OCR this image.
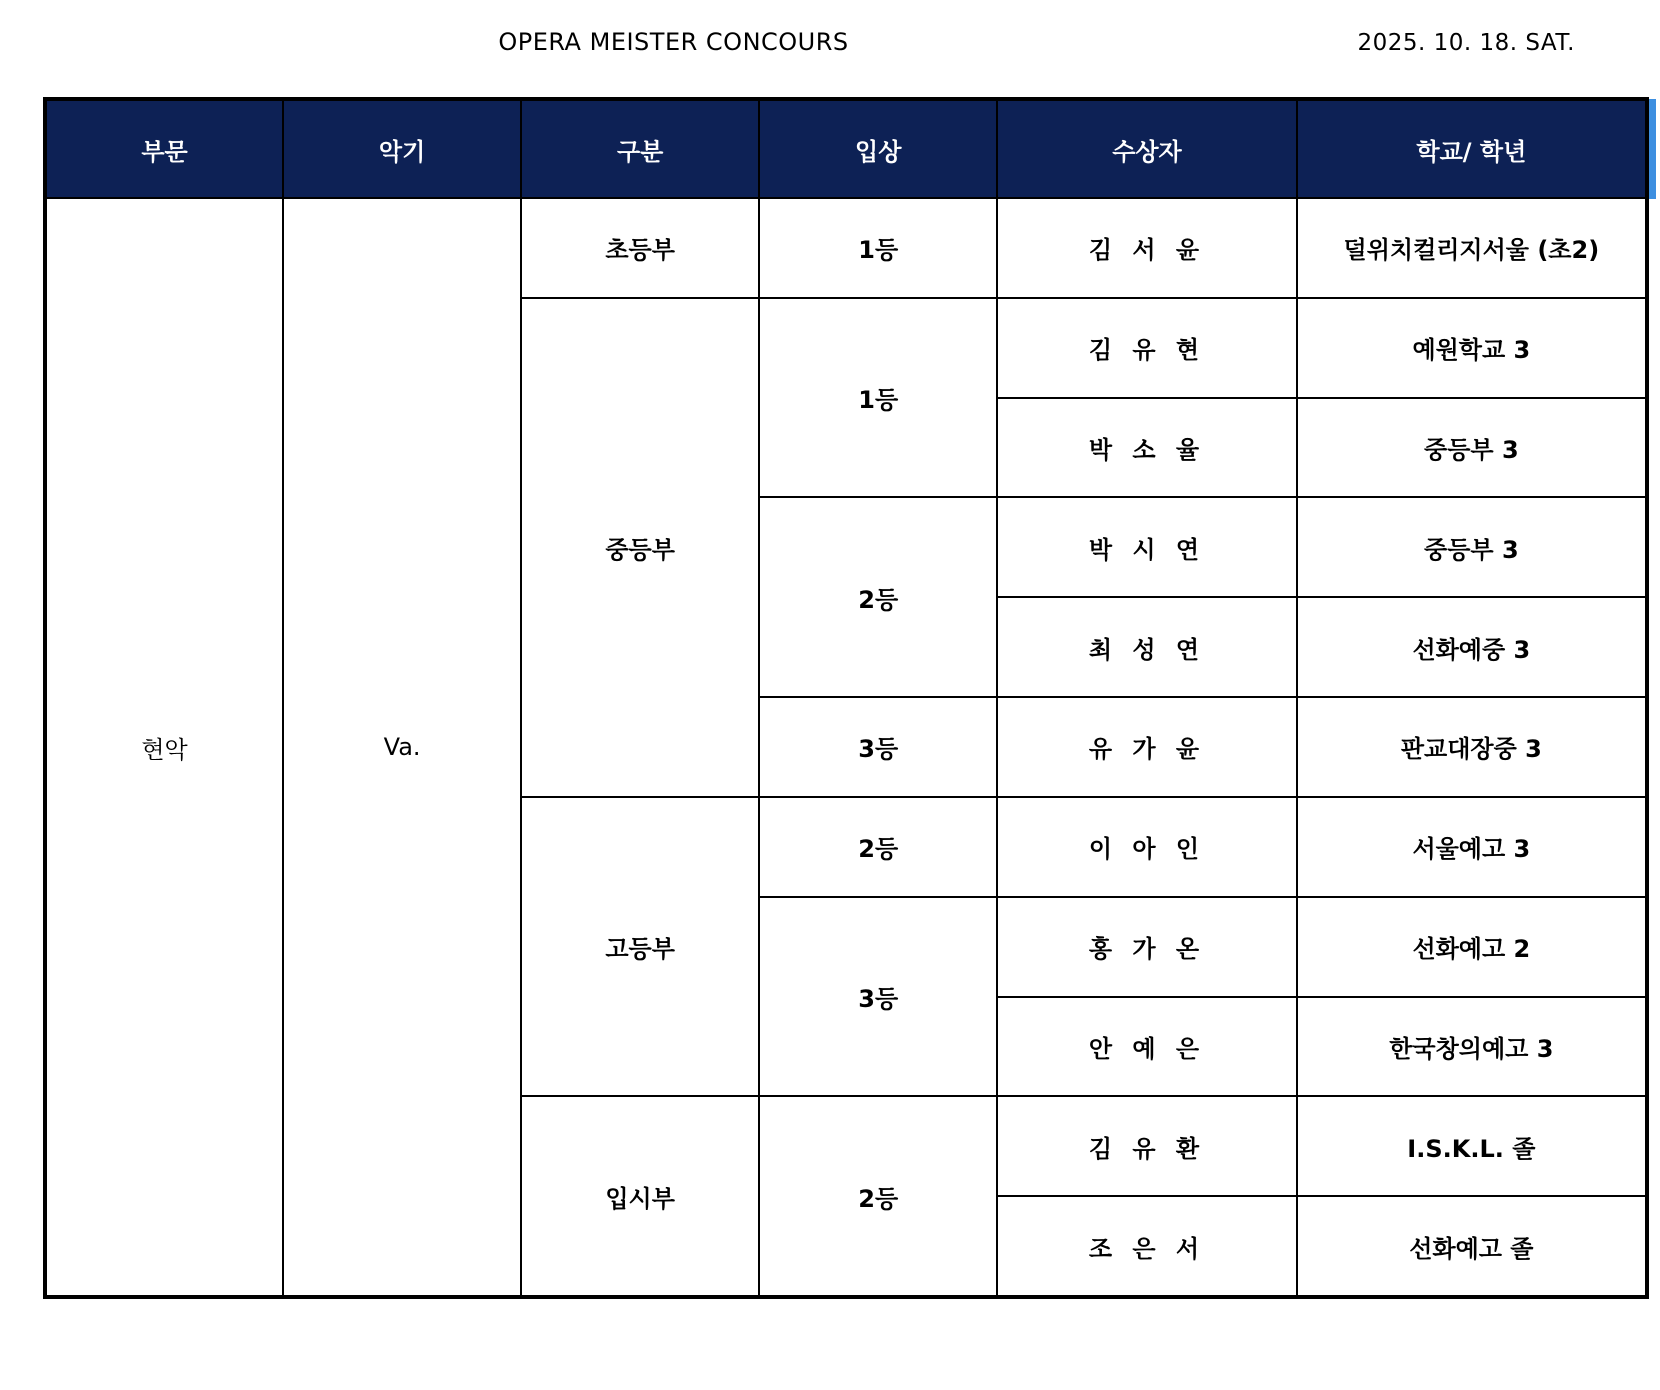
OPERA MEISTER CONCOURS	2025. 10. 18. SAT.
부문	악기	구분	입상	수상자	학교/ 학년
현악	Va.	초등부	1등	김 서 윤	덜위치컬리지서울 (초2)
		중등부	1등	김 유 현	예원학교 3
				박 소 율	중등부 3
			2등	박 시 연	중등부 3
				최 성 연	선화예중 3
			3등	유 가 윤	판교대장중 3
		고등부	2등	이 아 인	서울예고 3
			3등	홍 가 온	선화예고 2
				안 예 은	한국창의예고 3
		입시부	2등	김 유 환	I.S.K.L. 졸
				조 은 서	선화예고 졸
